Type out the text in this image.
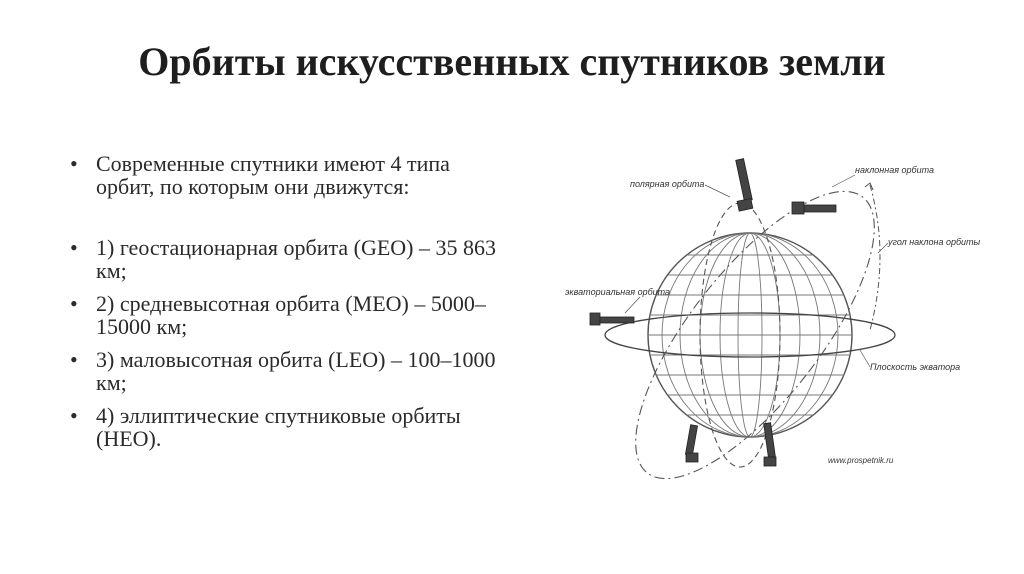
Орбиты искусственных спутников земли
• Современные спутники имеют 4 типа орбит, по которым они движутся:
• 1) геостационарная орбита (GEO) – 35 863 км;
• 2) средневысотная орбита (MEO) – 5000–15000 км;
• 3) маловысотная орбита (LEO) – 100–1000 км;
• 4) эллиптические спутниковые орбиты (HEO).
полярная орбита
наклонная орбита
угол наклона орбиты
экваториальная орбита
Плоскость экватора
www.prospetnik.ru
